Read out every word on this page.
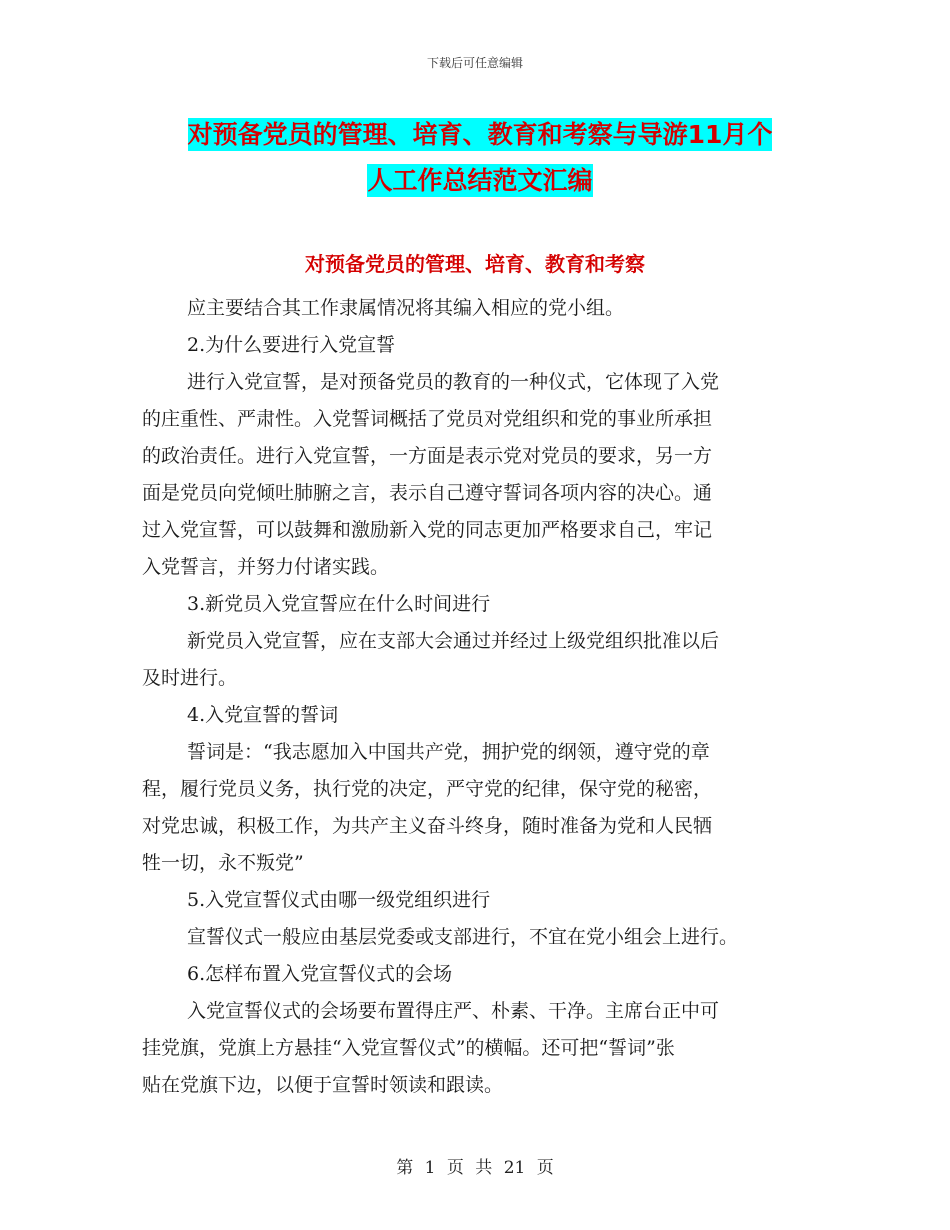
下载后可任意编辑
对预备党员的管理、培育、教育和考察与导游11月个
人工作总结范文汇编
对预备党员的管理、培育、教育和考察
应主要结合其工作隶属情况将其编入相应的党小组。
2.为什么要进行入党宣誓
进行入党宣誓，是对预备党员的教育的一种仪式，它体现了入党
的庄重性、严肃性。入党誓词概括了党员对党组织和党的事业所承担
的政治责任。进行入党宣誓，一方面是表示党对党员的要求，另一方
面是党员向党倾吐肺腑之言，表示自己遵守誓词各项内容的决心。通
过入党宣誓，可以鼓舞和激励新入党的同志更加严格要求自己，牢记
入党誓言，并努力付诸实践。
3.新党员入党宣誓应在什么时间进行
新党员入党宣誓，应在支部大会通过并经过上级党组织批准以后
及时进行。
4.入党宣誓的誓词
誓词是：“我志愿加入中国共产党，拥护党的纲领，遵守党的章
程，履行党员义务，执行党的决定，严守党的纪律，保守党的秘密，
对党忠诚，积极工作，为共产主义奋斗终身，随时准备为党和人民牺
牲一切，永不叛党”
5.入党宣誓仪式由哪一级党组织进行
宣誓仪式一般应由基层党委或支部进行，不宜在党小组会上进行。
6.怎样布置入党宣誓仪式的会场
入党宣誓仪式的会场要布置得庄严、朴素、干净。主席台正中可
挂党旗，党旗上方悬挂“入党宣誓仪式”的横幅。还可把“誓词”张
贴在党旗下边，以便于宣誓时领读和跟读。
第 1 页 共 21 页
